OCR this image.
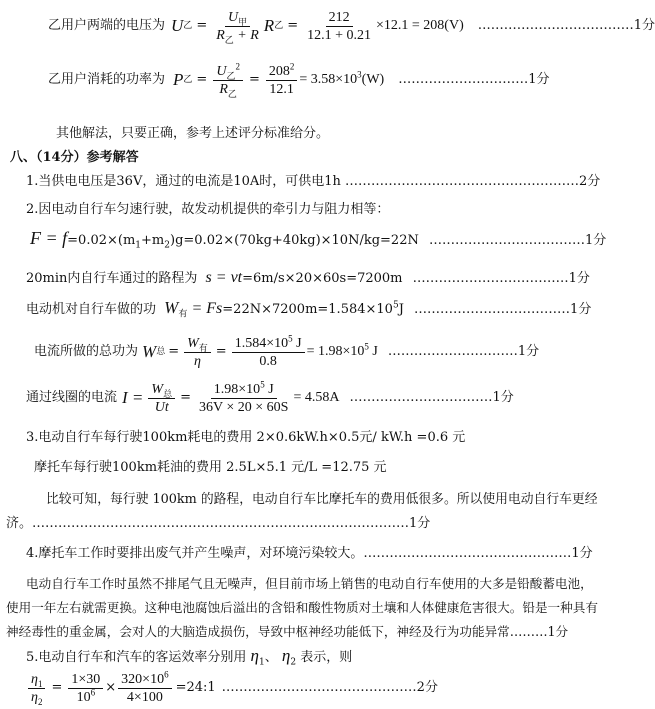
乙用户两端的电压为 U 乙 = $\frac{U_甲}{R_乙 + R}$ R 乙 = $\frac{212}{12.1 + 0.21} \times 12.1 = 208(V)$ ………………………………1分
乙用户消耗的功率为 P 乙 = $\frac{U_乙^2}{R_乙} = \frac{208^2}{12.1} = 3.58\times 10^3(W)$ …………………………1分
其他解法，只要正确，参考上述评分标准给分。
八、（14分）参考解答
1.当供电电压是36V，通过的电流是10A时，可供电1h ………………………………………………2分
2.因电动自行车匀速行驶，故发动机提供的牵引力与阻力相等：
$F = f=0.02\times(m_1+m_2)g=0.02\times(70kg+40kg)\times 10N/kg=22N$ ………………………………1分
20min内自行车通过的路程为 s = vt=6m/s×20×60s=7200m ………………………………1分
电动机对自行车做的功 $W_有 = Fs=22N\times 7200m=1.584\times 10^5J$ ………………………………1分
电流所做的总功为 W 总 = $\frac{W_有}{\eta} = \frac{1.584\times 10^5 J}{0.8} = 1.98\times 10^5$ J …………………………1分
通过线圈的电流 $I = \frac{W_总}{Ut} = \frac{1.98\times 10^5 J}{36V \times 20 \times 60S} = 4.58A$ ……………………………1分
3.电动自行车每行驶100km耗电的费用 2×0.6kW.h×0.5元/ kW.h =0.6 元
摩托车每行驶100km耗油的费用 2.5L×5.1 元/L =12.75 元
比较可知，每行驶 100km 的路程，电动自行车比摩托车的费用低很多。所以使用电动自行车更经
济。……………………………………………………………………………1分
4.摩托车工作时要排出废气并产生噪声，对环境污染较大。…………………………………………1分
电动自行车工作时虽然不排尾气且无噪声，但目前市场上销售的电动自行车使用的大多是铅酸蓄电池，
使用一年左右就需更换。这种电池腐蚀后溢出的含铅和酸性物质对土壤和人体健康危害很大。铅是一种具有
神经毒性的重金属，会对人的大脑造成损伤，导致中枢神经功能低下，神经及行为功能异常………1分
5.电动自行车和汽车的客运效率分别用 $\eta_1$、 $\eta_2$ 表示，则
$\frac{\eta_1}{\eta_2} = \frac{1\times 30}{10^6} \times \frac{320\times 10^6}{4\times 100}$ =24:1 ………………………………………2分
